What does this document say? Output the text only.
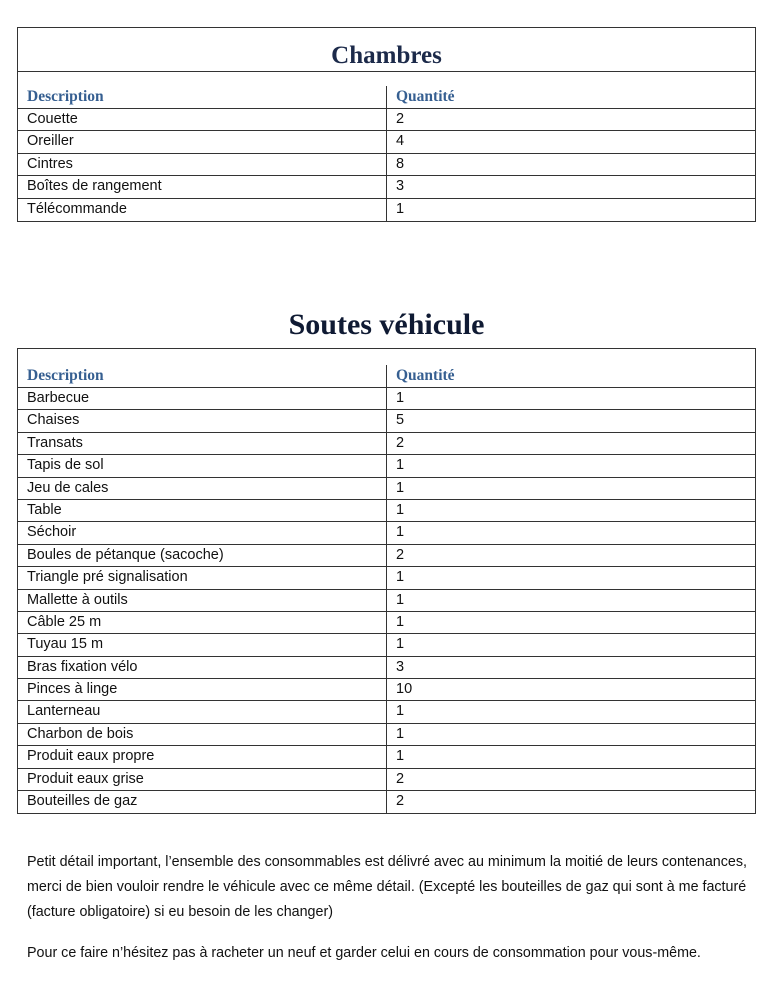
Chambres
Description	Quantité
Couette	2
Oreiller	4
Cintres	8
Boîtes de rangement	3
Télécommande	1
Soutes véhicule
Description	Quantité
Barbecue	1
Chaises	5
Transats	2
Tapis de sol	1
Jeu de cales	1
Table	1
Séchoir	1
Boules de pétanque (sacoche)	2
Triangle pré signalisation	1
Mallette à outils	1
Câble 25 m	1
Tuyau 15 m	1
Bras fixation vélo	3
Pinces à linge	10
Lanterneau	1
Charbon de bois	1
Produit eaux propre	1
Produit eaux grise	2
Bouteilles de gaz	2
Petit détail important, l’ensemble des consommables est délivré avec au minimum la moitié de leurs contenances, merci de bien vouloir rendre le véhicule avec ce même détail. (Excepté les bouteilles de gaz qui sont à me facturé (facture obligatoire) si eu besoin de les changer)
Pour ce faire n’hésitez pas à racheter un neuf et garder celui en cours de consommation pour vous-même.
